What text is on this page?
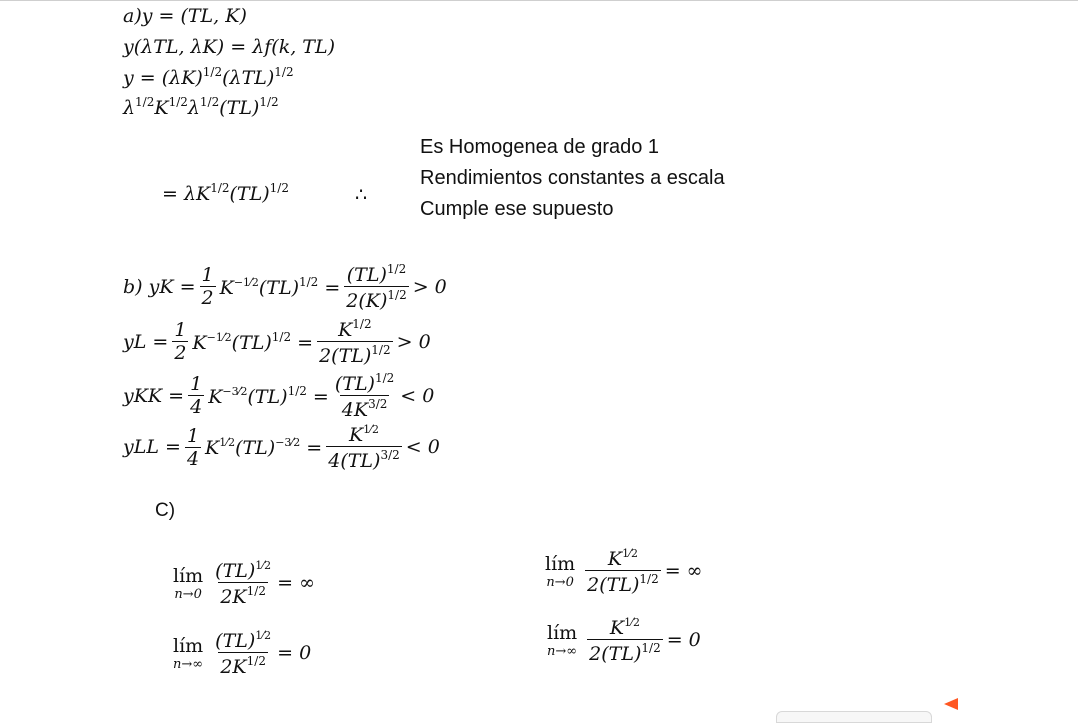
a)y = (TL, K)
y(λTL, λK) = λf(k, TL)
$y = (\lambda K)^{1/2}(\lambda TL)^{1/2}$
$\lambda^{1/2}K^{1/2}\lambda^{1/2}(TL)^{1/2}$
= $\lambda K^{1/2}(TL)^{1/2}$	∴
Es Homogenea de grado 1
Rendimientos constantes a escala
Cumple ese supuesto
b) yK = $\frac{1}{2} K^{-1⁄2}(TL)^{1/2} = \frac{(TL)^{1/2}}{2(K)^{1/2}} > 0$
yL = $\frac{1}{2} K^{-1⁄2}(TL)^{1/2} = \frac{K^{1/2}}{2(TL)^{1/2}} > 0$
yKK = $\frac{1}{4} K^{-3⁄2}(TL)^{1/2} = \frac{(TL)^{1/2}}{4K^{3/2}} < 0$
yLL = $\frac{1}{4} K^{1⁄2}(TL)^{-3⁄2} = \frac{K^{1⁄2}}{4(TL)^{3/2}} < 0$
C)
lím
$n\to 0 \frac{(TL)^{1⁄2}}{2K^{1/2}}$ = ∞
lím
$n\to\infty \frac{(TL)^{1⁄2}}{2K^{1/2}} = 0$
lím
$n\to 0 \frac{K^{1⁄2}}{2(TL)^{1/2}}$ = ∞
lím
$n\to\infty \frac{K^{1⁄2}}{2(TL)^{1/2}} = 0$
